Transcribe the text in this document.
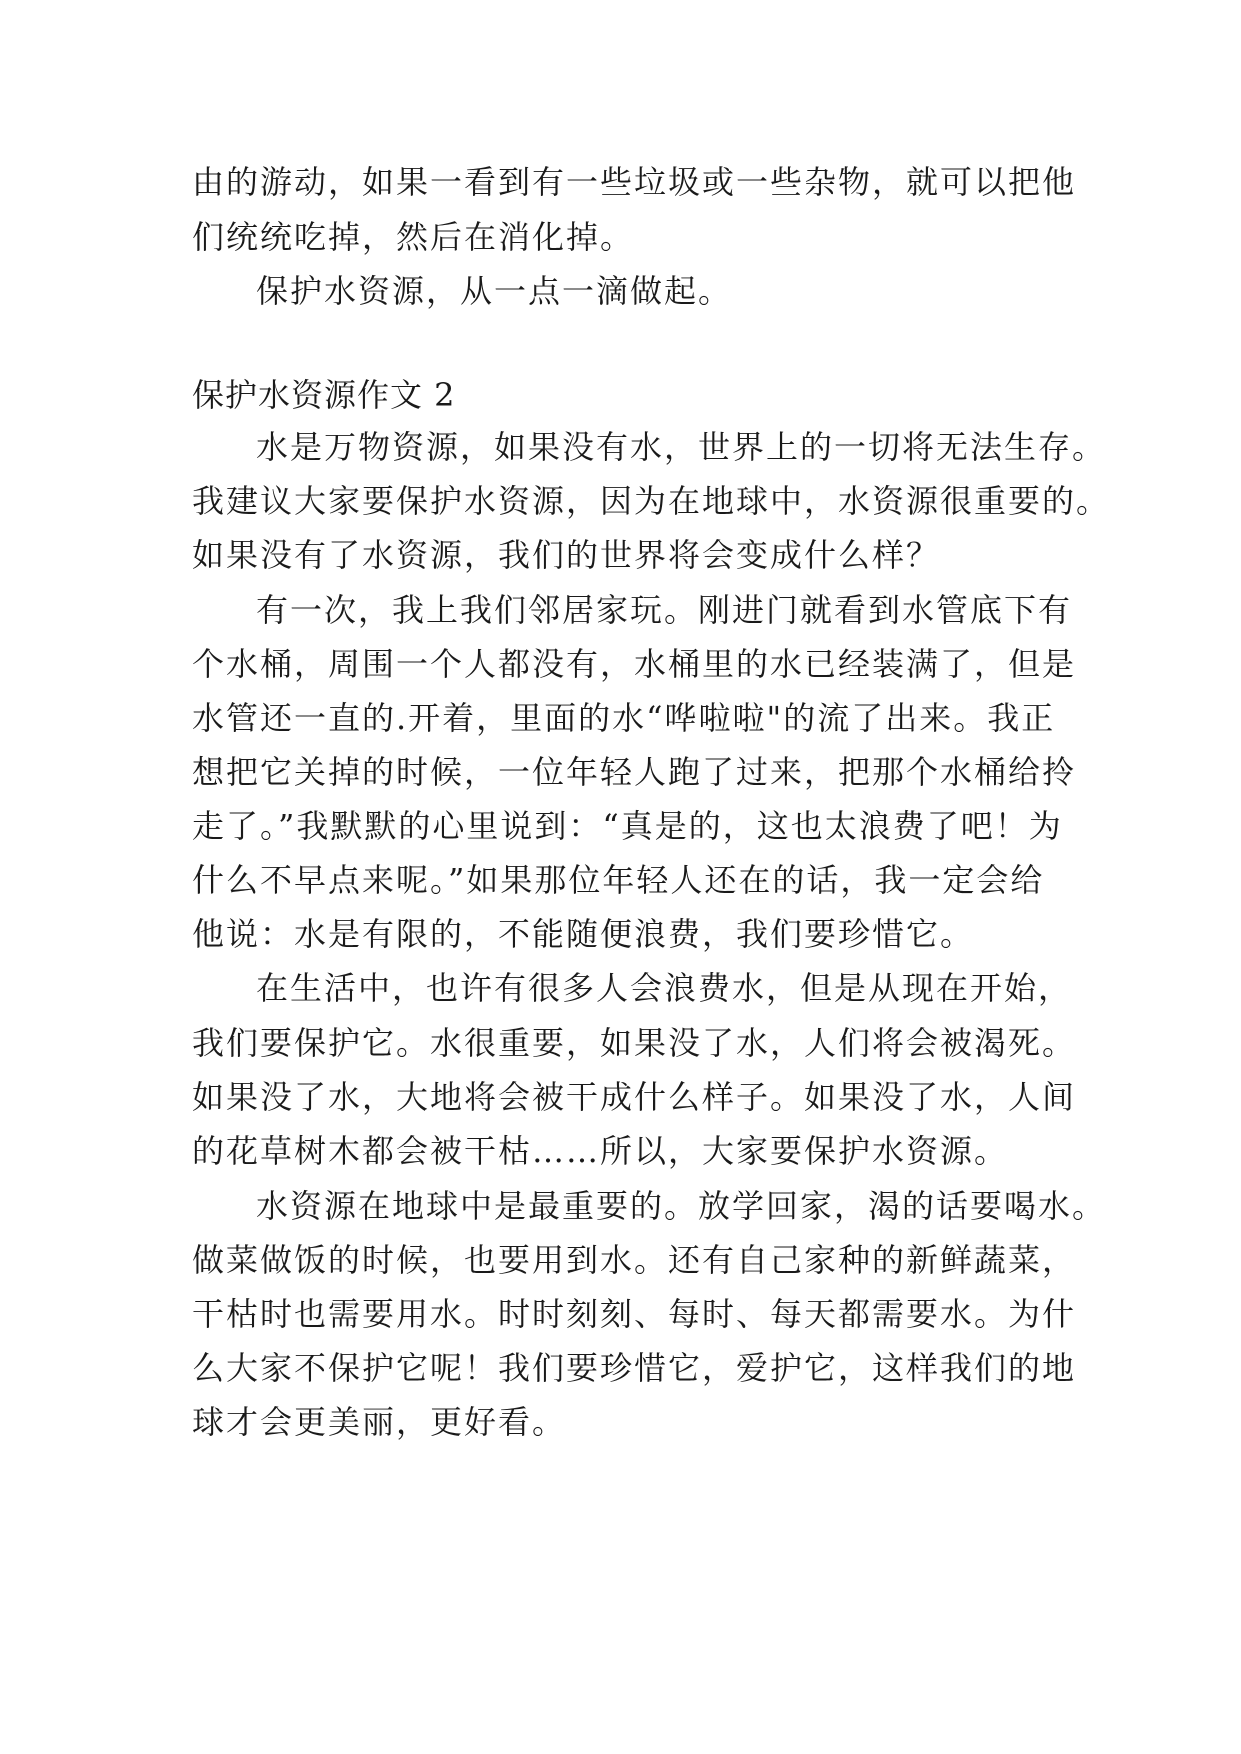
由的游动，如果一看到有一些垃圾或一些杂物，就可以把他
们统统吃掉，然后在消化掉。
保护水资源，从一点一滴做起。
保护水资源作文 2
水是万物资源，如果没有水，世界上的一切将无法生存。
我建议大家要保护水资源，因为在地球中，水资源很重要的。
如果没有了水资源，我们的世界将会变成什么样？
有一次，我上我们邻居家玩。刚进门就看到水管底下有
个水桶，周围一个人都没有，水桶里的水已经装满了，但是
水管还一直的.开着，里面的水“哗啦啦"的流了出来。我正
想把它关掉的时候，一位年轻人跑了过来，把那个水桶给拎
走了。”我默默的心里说到：“真是的，这也太浪费了吧！为
什么不早点来呢。”如果那位年轻人还在的话，我一定会给
他说：水是有限的，不能随便浪费，我们要珍惜它。
在生活中，也许有很多人会浪费水，但是从现在开始，
我们要保护它。水很重要，如果没了水，人们将会被渴死。
如果没了水，大地将会被干成什么样子。如果没了水，人间
的花草树木都会被干枯……所以，大家要保护水资源。
水资源在地球中是最重要的。放学回家，渴的话要喝水。
做菜做饭的时候，也要用到水。还有自己家种的新鲜蔬菜，
干枯时也需要用水。时时刻刻、每时、每天都需要水。为什
么大家不保护它呢！我们要珍惜它，爱护它，这样我们的地
球才会更美丽，更好看。
